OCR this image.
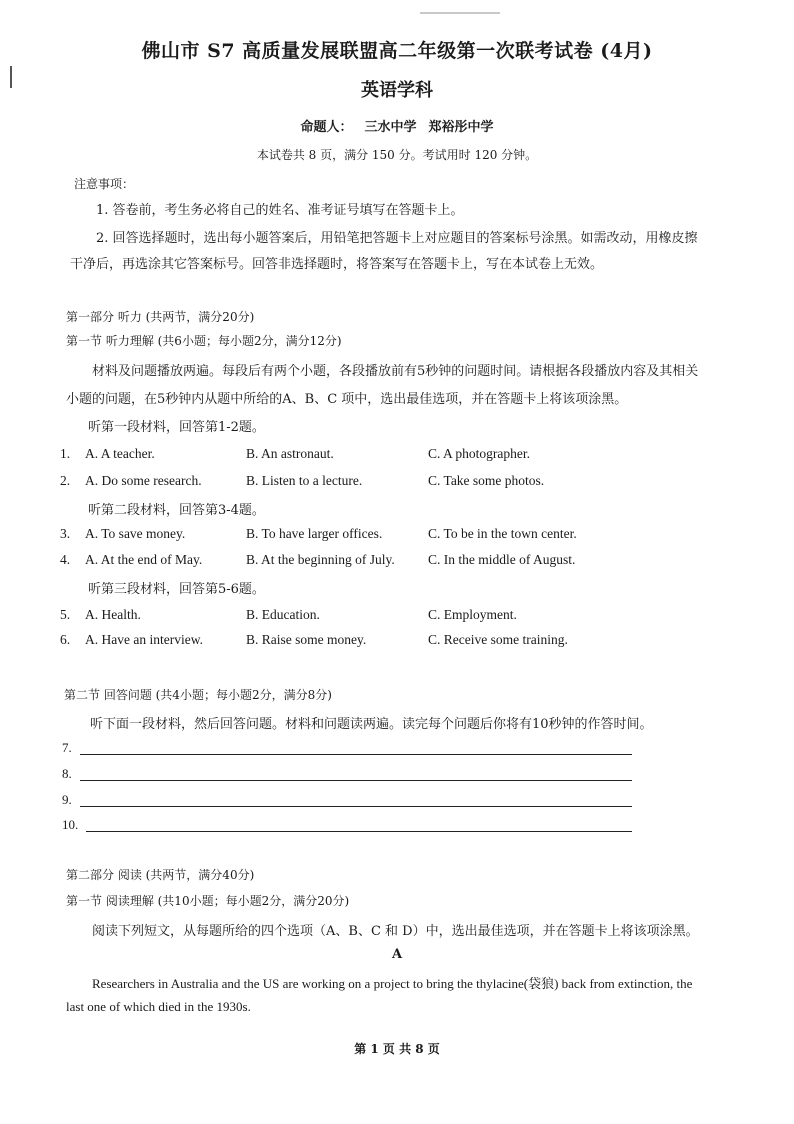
佛山市 S7 高质量发展联盟高二年级第一次联考试卷 (4月)
英语学科
命题人： 三水中学 郑裕彤中学
本试卷共 8 页，满分 150 分。考试用时 120 分钟。
注意事项：
1. 答卷前，考生务必将自己的姓名、准考证号填写在答题卡上。
2. 回答选择题时，选出每小题答案后，用铅笔把答题卡上对应题目的答案标号涂黑。如需改动，用橡皮擦
干净后，再选涂其它答案标号。回答非选择题时，将答案写在答题卡上，写在本试卷上无效。
第一部分 听力 (共两节，满分20分)
第一节 听力理解 (共6小题；每小题2分，满分12分)
材料及问题播放两遍。每段后有两个小题，各段播放前有5秒钟的问题时间。请根据各段播放内容及其相关
小题的问题，在5秒钟内从题中所给的A、B、C 项中，选出最佳选项，并在答题卡上将该项涂黑。
听第一段材料，回答第1-2题。
1. A. A teacher.	B. An astronaut.	C. A photographer.
2. A. Do some research.	B. Listen to a lecture.	C. Take some photos.
听第二段材料，回答第3-4题。
3. A. To save money.	B. To have larger offices.	C. To be in the town center.
4. A. At the end of May.	B. At the beginning of July. C. In the middle of August.
听第三段材料，回答第5-6题。
5. A. Health.	B. Education.	C. Employment.
6. A. Have an interview.	B. Raise some money.	C. Receive some training.
第二节 回答问题 (共4小题；每小题2分，满分8分)
听下面一段材料，然后回答问题。材料和问题读两遍。读完每个问题后你将有10秒钟的作答时间。
7.
8.
9.
10.
第二部分 阅读 (共两节，满分40分)
第一节 阅读理解 (共10小题；每小题2分，满分20分)
阅读下列短文，从每题所给的四个选项（A、B、C 和 D）中，选出最佳选项，并在答题卡上将该项涂黑。
A
Researchers in Australia and the US are working on a project to bring the thylacine(袋狼) back from extinction, the
last one of which died in the 1930s.
第 1 页 共 8 页
